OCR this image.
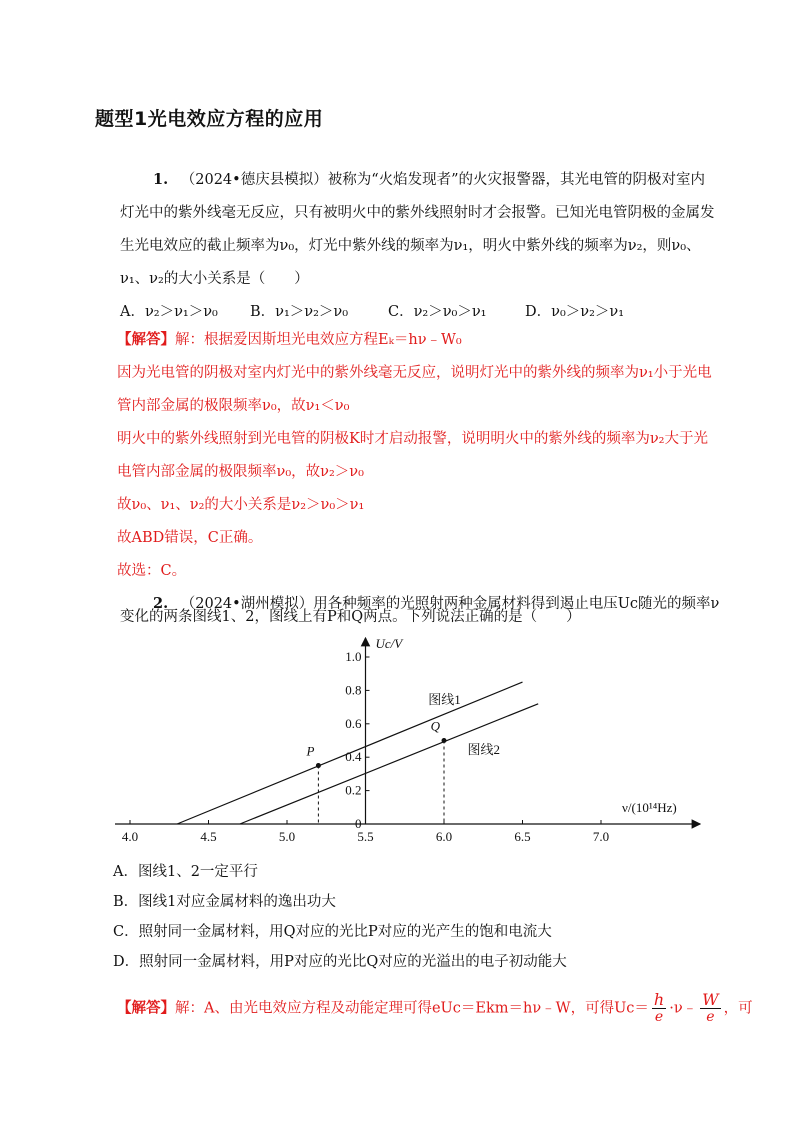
题型1光电效应方程的应用
1. （2024•德庆县模拟）被称为“火焰发现者”的火灾报警器，其光电管的阴极对室内
灯光中的紫外线毫无反应，只有被明火中的紫外线照射时才会报警。已知光电管阴极的金属发
生光电效应的截止频率为ν₀，灯光中紫外线的频率为ν₁，明火中紫外线的频率为ν₂，则ν₀、
ν₁、ν₂的大小关系是（　　）
A．ν₂＞ν₁＞ν₀ B．ν₁＞ν₂＞ν₀	C．ν₂＞ν₀＞ν₁	D．ν₀＞ν₂＞ν₁
【解答】解：根据爱因斯坦光电效应方程Eₖ＝hν﹣W₀
因为光电管的阴极对室内灯光中的紫外线毫无反应，说明灯光中的紫外线的频率为ν₁小于光电
管内部金属的极限频率ν₀，故ν₁＜ν₀
明火中的紫外线照射到光电管的阴极K时才启动报警，说明明火中的紫外线的频率为ν₂大于光
电管内部金属的极限频率ν₀，故ν₂＞ν₀
故ν₀、ν₁、ν₂的大小关系是ν₂＞ν₀＞ν₁
故ABD错误，C正确。
故选：C。
2. （2024•湖州模拟）用各种频率的光照射两种金属材料得到遏止电压Uc随光的频率ν
变化的两条图线1、2，图线上有P和Q两点。下列说法正确的是（　　）
4.0	4.5	5.0	5.5	6.0	6.5	7.0
0
0.2
0.4
0.6
0.8
1.0
Uc/V
ν/(10¹⁴Hz)
图线1
图线2
P
Q
A．图线1、2一定平行
B．图线1对应金属材料的逸出功大
C．照射同一金属材料，用Q对应的光比P对应的光产生的饱和电流大
D．照射同一金属材料，用P对应的光比Q对应的光溢出的电子初动能大
【解答】解：A、由光电效应方程及动能定理可得eUc＝Ekm＝hν﹣W，可得$Uc= \frac{h}{e}$ ·ν﹣ $\frac{W}{e}$ ，可
